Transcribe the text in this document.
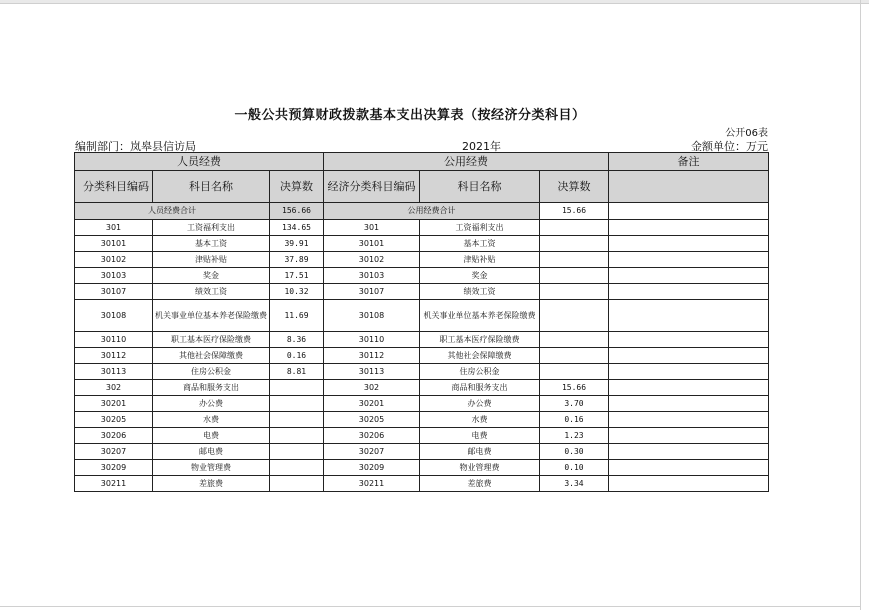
一般公共预算财政拨款基本支出决算表（按经济分类科目）
公开06表
编制部门：岚皋县信访局	2021年	金额单位：万元
人员经费			公用经费			备注
分类科目编码	科目名称	决算数	经济分类科目编码	科目名称	决算数	
人员经费合计		156.66	公用经费合计		15.66	
301	工资福利支出	134.65	301	工资福利支出		
30101	基本工资	39.91	30101	基本工资		
30102	津贴补贴	37.89	30102	津贴补贴		
30103	奖金	17.51	30103	奖金		
30107	绩效工资	10.32	30107	绩效工资		
30108	机关事业单位基本养老保险缴费	11.69	30108	机关事业单位基本养老保险缴费		
30110	职工基本医疗保险缴费	8.36	30110	职工基本医疗保险缴费		
30112	其他社会保障缴费	0.16	30112	其他社会保障缴费		
30113	住房公积金	8.81	30113	住房公积金		
302	商品和服务支出		302	商品和服务支出	15.66	
30201	办公费		30201	办公费	3.70	
30205	水费		30205	水费	0.16	
30206	电费		30206	电费	1.23	
30207	邮电费		30207	邮电费	0.30	
30209	物业管理费		30209	物业管理费	0.10	
30211	差旅费		30211	差旅费	3.34	
